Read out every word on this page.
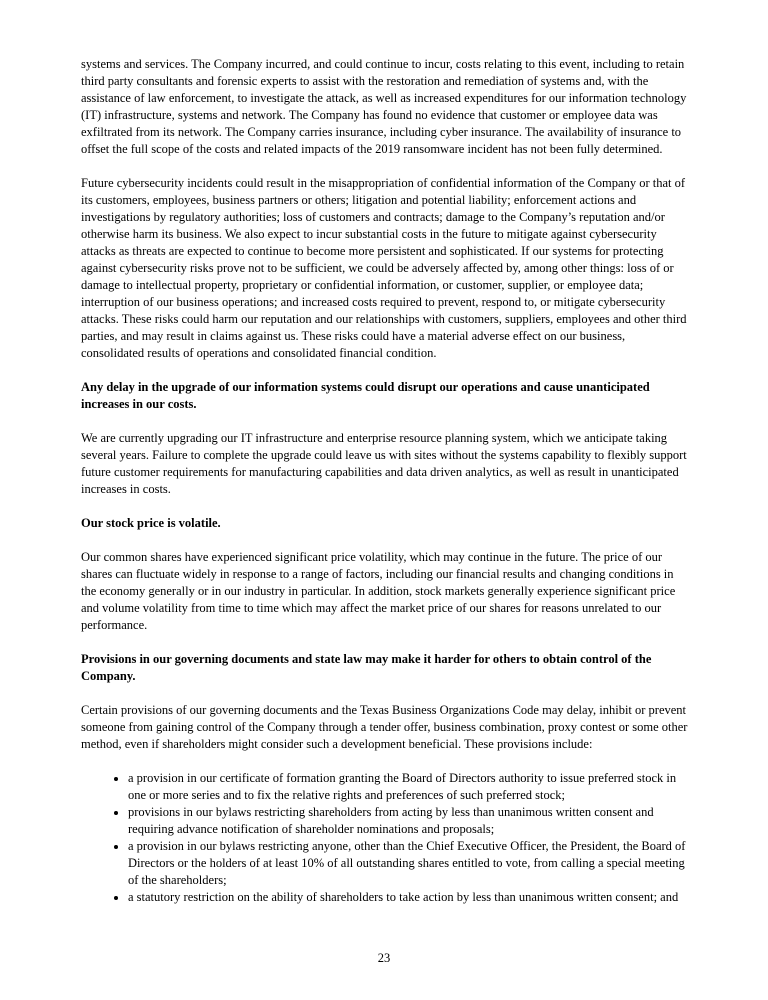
systems and services. The Company incurred, and could continue to incur, costs relating to this event, including to retain third party consultants and forensic experts to assist with the restoration and remediation of systems and, with the assistance of law enforcement, to investigate the attack, as well as increased expenditures for our information technology (IT) infrastructure, systems and network. The Company has found no evidence that customer or employee data was exfiltrated from its network. The Company carries insurance, including cyber insurance. The availability of insurance to offset the full scope of the costs and related impacts of the 2019 ransomware incident has not been fully determined.

Future cybersecurity incidents could result in the misappropriation of confidential information of the Company or that of its customers, employees, business partners or others; litigation and potential liability; enforcement actions and investigations by regulatory authorities; loss of customers and contracts; damage to the Company’s reputation and/or otherwise harm its business. We also expect to incur substantial costs in the future to mitigate against cybersecurity attacks as threats are expected to continue to become more persistent and sophisticated. If our systems for protecting against cybersecurity risks prove not to be sufficient, we could be adversely affected by, among other things: loss of or damage to intellectual property, proprietary or confidential information, or customer, supplier, or employee data; interruption of our business operations; and increased costs required to prevent, respond to, or mitigate cybersecurity attacks. These risks could harm our reputation and our relationships with customers, suppliers, employees and other third parties, and may result in claims against us. These risks could have a material adverse effect on our business, consolidated results of operations and consolidated financial condition.

Any delay in the upgrade of our information systems could disrupt our operations and cause unanticipated increases in our costs.

We are currently upgrading our IT infrastructure and enterprise resource planning system, which we anticipate taking several years. Failure to complete the upgrade could leave us with sites without the systems capability to flexibly support future customer requirements for manufacturing capabilities and data driven analytics, as well as result in unanticipated increases in costs.

Our stock price is volatile.

Our common shares have experienced significant price volatility, which may continue in the future. The price of our shares can fluctuate widely in response to a range of factors, including our financial results and changing conditions in the economy generally or in our industry in particular. In addition, stock markets generally experience significant price and volume volatility from time to time which may affect the market price of our shares for reasons unrelated to our performance.

Provisions in our governing documents and state law may make it harder for others to obtain control of the Company.

Certain provisions of our governing documents and the Texas Business Organizations Code may delay, inhibit or prevent someone from gaining control of the Company through a tender offer, business combination, proxy contest or some other method, even if shareholders might consider such a development beneficial. These provisions include:

• a provision in our certificate of formation granting the Board of Directors authority to issue preferred stock in one or more series and to fix the relative rights and preferences of such preferred stock;
• provisions in our bylaws restricting shareholders from acting by less than unanimous written consent and requiring advance notification of shareholder nominations and proposals;
• a provision in our bylaws restricting anyone, other than the Chief Executive Officer, the President, the Board of Directors or the holders of at least 10% of all outstanding shares entitled to vote, from calling a special meeting of the shareholders;
• a statutory restriction on the ability of shareholders to take action by less than unanimous written consent; and
23
